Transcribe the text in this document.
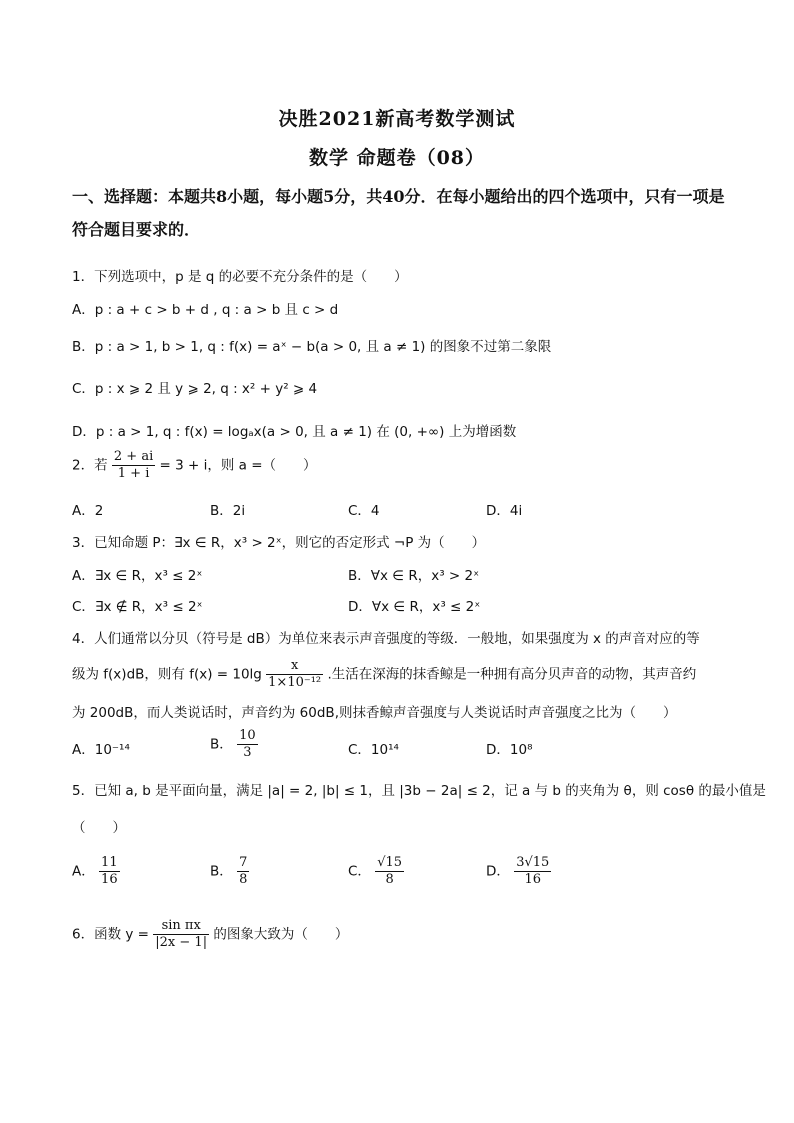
决胜2021新高考数学测试
数学 命题卷（08）
一、选择题：本题共8小题，每小题5分，共40分．在每小题给出的四个选项中，只有一项是符合题目要求的．
1．下列选项中，p 是 q 的必要不充分条件的是（　　）
A．p : a + c > b + d , q : a > b 且 c > d
B．p : a > 1, b > 1, q : f(x) = aˣ − b(a > 0, 且 a ≠ 1) 的图象不过第二象限
C．p : x ⩾ 2 且 y ⩾ 2, q : x² + y² ⩾ 4
D．p : a > 1, q : f(x) = logₐx(a > 0, 且 a ≠ 1) 在 (0, +∞) 上为增函数
2．若 $\frac{2 + ai}{1 + i} = 3 + i$，则 a =（　　）
A．2	B．2i	C．4	D．4i
3．已知命题 P：∃x ∈ R，x³ > 2ˣ，则它的否定形式 ¬P 为（　　）
A．∃x ∈ R，x³ ≤ 2ˣ	B．∀x ∈ R，x³ > 2ˣ
C．∃x ∉ R，x³ ≤ 2ˣ	D．∀x ∈ R，x³ ≤ 2ˣ
4．人们通常以分贝（符号是 dB）为单位来表示声音强度的等级．一般地，如果强度为 x 的声音对应的等
级为 f(x)dB，则有 $f(x) = 10\lg \frac{x}{\text{1×10⁻¹²}}$ .生活在深海的抹香鲸是一种拥有高分贝声音的动物，其声音约
为 200dB，而人类说话时，声音约为 60dB,则抹香鲸声音强度与人类说话时声音强度之比为（　　）
A．10⁻¹⁴	B． $\frac{10}{3}$	C．10¹⁴	D．10⁸
5．已知 a, b 是平面向量，满足 |a| = 2, |b| ≤ 1，且 |3b − 2a| ≤ 2，记 a 与 b 的夹角为 θ，则 cosθ 的最小值是
（　　）
A． $\frac{11}{16}$	B． $\frac{7}{8}$	C． $\frac{√15}{8}$	D． $\frac{3√15}{16}$
6．函数 $y = \frac{\text{sin πx}}{|2x - 1|}$ 的图象大致为（　　）
